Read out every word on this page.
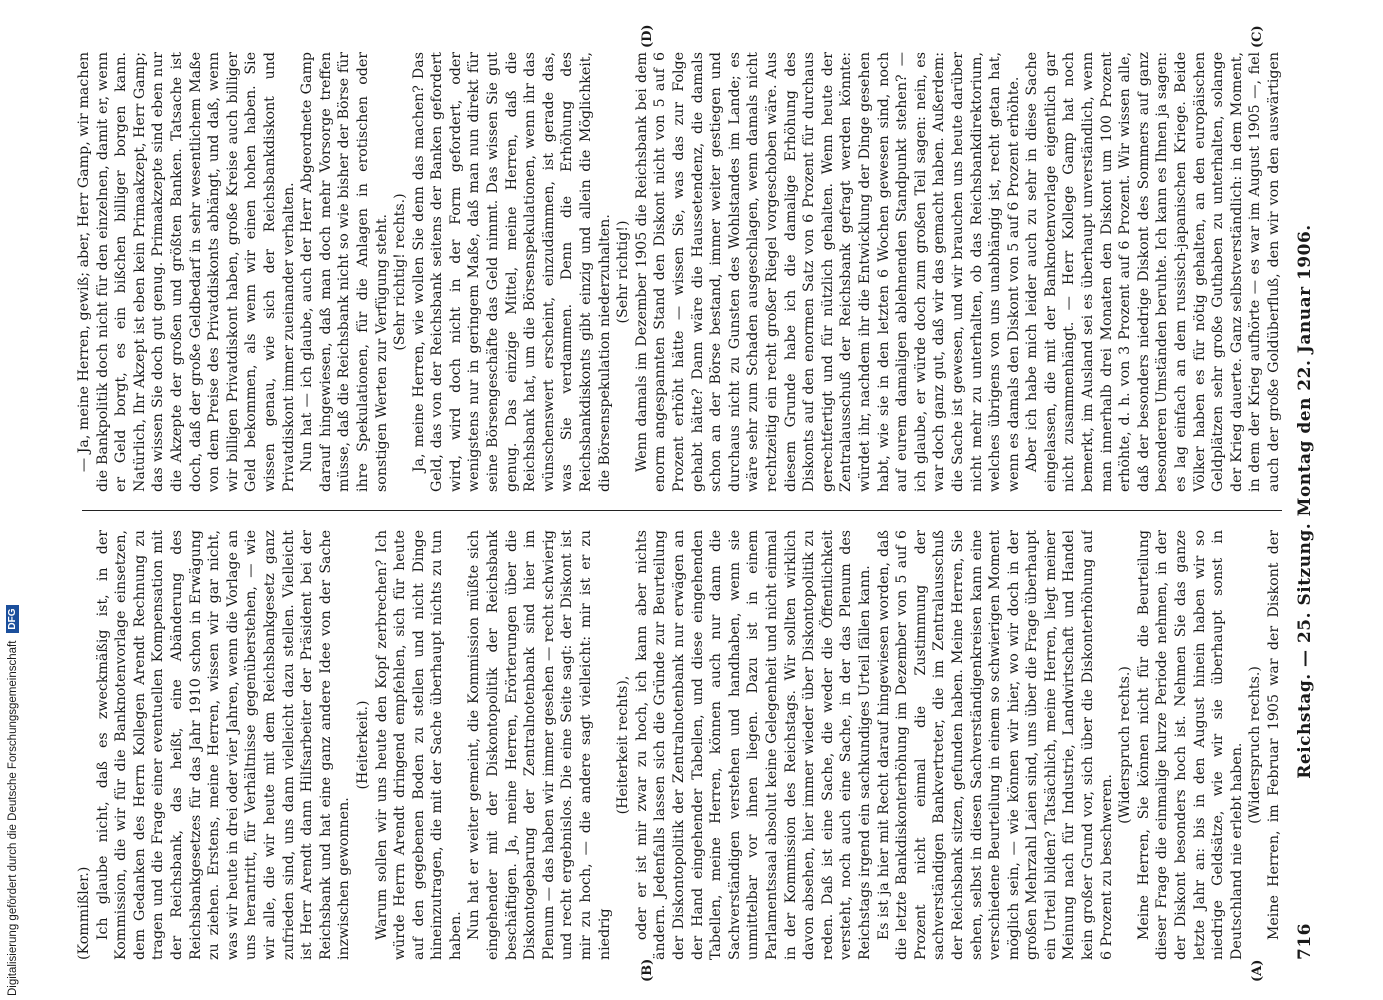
716
Reichstag. — 25. Sitzung. Montag den 22. Januar 1906.
(A)
(B)
(C)
(D)

(Kommißler.) Ich glaube nicht, daß es zweckmäßig ist, in der Kommission, die wir für die Banknotenvorlage einsetzen, dem Gedanken des Herrn Kollegen Arendt Rechnung zu tragen und die Frage einer eventuellen Kompensation mit der Reichsbank, das heißt, eine Abänderung des Reichsbankgesetzes für das Jahr 1910 schon in Erwägung zu ziehen. Erstens, meine Herren, wissen wir gar nicht, was wir heute in drei oder vier Jahren, wenn die Vorlage an uns herantritt, für Verhältnisse gegenüberstehen, — wie wir alle, die wir heute mit dem Reichsbankgesetz ganz zufrieden sind, uns dann vielleicht dazu stellen. Vielleicht ist Herr Arendt dann Hilfsarbeiter der Präsident bei der Reichsbank und hat eine ganz andere Idee von der Sache inzwischen gewonnen.

(Heiterkeit.) Warum sollen wir uns heute den Kopf zerbrechen? Ich würde Herrn Arendt dringend empfehlen, sich für heute auf den gegebenen Boden zu stellen und nicht Dinge hineinzutragen, die mit der Sache überhaupt nichts zu tun haben. Nun hat er weiter gemeint, die Kommission müßte sich eingehender mit der Diskontopolitik der Reichsbank beschäftigen. Ja, meine Herren, Erörterungen über die Diskontogebarung der Zentralnotenbank sind hier im Plenum — das haben wir immer gesehen — recht schwierig und recht ergebnislos. Die eine Seite sagt: der Diskont ist mir zu hoch, — die andere sagt vielleicht: mir ist er zu niedrig

(Heiterkeit rechts), oder er ist mir zwar zu hoch, ich kann aber nichts ändern. Jedenfalls lassen sich die Gründe zur Beurteilung der Diskontopolitik der Zentralnotenbank nur erwägen an der Hand eingehender Tabellen, und diese eingehenden Tabellen, meine Herren, können auch nur dann die Sachverständigen verstehen und handhaben, wenn sie unmittelbar vor ihnen liegen. Dazu ist in einem Parlamentssaal absolut keine Gelegenheit und nicht einmal in der Kommission des Reichstags. Wir sollten wirklich davon absehen, hier immer wieder über Diskontopolitik zu reden. Daß ist eine Sache, die weder die Öffentlichkeit versteht, noch auch eine Sache, in der das Plenum des Reichstags irgend ein sachkundiges Urteil fällen kann. Es ist ja hier mit Recht darauf hingewiesen worden, daß die letzte Bankdiskonterhöhung im Dezember von 5 auf 6 Prozent nicht einmal die Zustimmung der sachverständigen Bankvertreter, die im Zentralausschuß der Reichsbank sitzen, gefunden haben. Meine Herren, Sie sehen, selbst in diesen Sachverständigenkreisen kann eine verschiedene Beurteilung in einem so schwierigen Moment möglich sein, — wie können wir hier, wo wir doch in der großen Mehrzahl Laien sind, uns über die Frage überhaupt ein Urteil bilden? Tatsächlich, meine Herren, liegt meiner Meinung nach für Industrie, Landwirtschaft und Handel kein großer Grund vor, sich über die Diskonterhöhung auf 6 Prozent zu beschweren.

(Widerspruch rechts.) Meine Herren, Sie können nicht für die Beurteilung dieser Frage die einmalige kurze Periode nehmen, in der der Diskont besonders hoch ist. Nehmen Sie das ganze letzte Jahr an: bis in den August hinein haben wir so niedrige Geldsätze, wie wir sie überhaupt sonst in Deutschland nie erlebt haben. (Widerspruch rechts.)

Meine Herren, im Februar 1905 war der Diskont der

— Ja, meine Herren, gewiß; aber, Herr Gamp, wir machen die Bankpolitik doch nicht für den einzelnen, damit er, wenn er Geld borgt, es ein bißchen billiger borgen kann. Natürlich, Ihr Akzept ist eben kein Primaakzept, Herr Gamp; das wissen Sie doch gut genug. Primaakzepte sind eben nur die Akzepte der großen und größten Banken. Tatsache ist doch, daß der große Geldbedarf in sehr wesentlichem Maße von dem Preise des Privatdiskonts abhängt, und daß, wenn wir billigen Privatdiskont haben, große Kreise auch billiger Geld bekommen, als wenn wir einen hohen haben. Sie wissen genau, wie sich der Reichsbankdiskont und Privatdiskont immer zueinander verhalten. Nun hat — ich glaube, auch der Herr Abgeordnete Gamp darauf hingewiesen, daß man doch mehr Vorsorge treffen müsse, daß die Reichsbank nicht so wie bisher der Börse für ihre Spekulationen, für die Anlagen in erotischen oder sonstigen Werten zur Verfügung steht. (Sehr richtig! rechts.) Ja, meine Herren, wie wollen Sie denn das machen? Das Geld, das von der Reichsbank seitens der Banken gefordert wird, wird doch nicht in der Form gefordert, oder wenigstens nur in geringem Maße, daß man nun direkt für seine Börsengeschäfte das Geld nimmt. Das wissen Sie gut genug. Das einzige Mittel, meine Herren, daß die Reichsbank hat, um die Börsenspekulationen, wenn ihr das wünschenswert erscheint, einzudämmen, ist gerade das, was Sie verdammen. Denn die Erhöhung des Reichsbankdiskonts gibt einzig und allein die Möglichkeit, die Börsenspekulation niederzuhalten. (Sehr richtig!) Wenn damals im Dezember 1905 die Reichsbank bei dem enorm angespannten Stand den Diskont nicht von 5 auf 6 Prozent erhöht hätte — wissen Sie, was das zur Folge gehabt hätte? Dann wäre die Haussetendenz, die damals schon an der Börse bestand, immer weiter gestiegen und durchaus nicht zu Gunsten des Wohlstandes im Lande; es wäre sehr zum Schaden ausgeschlagen, wenn damals nicht rechtzeitig ein recht großer Riegel vorgeschoben wäre. Aus diesem Grunde habe ich die damalige Erhöhung des Diskonts auf den enormen Satz von 6 Prozent für durchaus gerechtfertigt und für nützlich gehalten. Wenn heute der Zentralausschuß der Reichsbank gefragt werden könnte: würdet ihr, nachdem ihr die Entwicklung der Dinge gesehen habt, wie sie in den letzten 6 Wochen gewesen sind, noch auf eurem damaligen ablehnenden Standpunkt stehen? — ich glaube, er würde doch zum großen Teil sagen: nein, es war doch ganz gut, daß wir das gemacht haben. Außerdem: die Sache ist gewesen, und wir brauchen uns heute darüber nicht mehr zu unterhalten, ob das Reichsbankdirektorium, welches übrigens von uns unabhängig ist, recht getan hat, wenn es damals den Diskont von 5 auf 6 Prozent erhöhte. Aber ich habe mich leider auch zu sehr in diese Sache eingelassen, die mit der Banknotenvorlage eigentlich gar nicht zusammenhängt. — Herr Kollege Gamp hat noch bemerkt, im Ausland sei es überhaupt unverständlich, wenn man innerhalb drei Monaten den Diskont um 100 Prozent erhöhte, d. h. von 3 Prozent auf 6 Prozent. Wir wissen alle, daß der besonders niedrige Diskont des Sommers auf ganz besonderen Umständen beruhte. Ich kann es Ihnen ja sagen: es lag einfach an dem russisch-japanischen Kriege. Beide Völker haben es für nötig gehalten, an den europäischen Geldplätzen sehr große Guthaben zu unterhalten, solange der Krieg dauerte. Ganz selbstverständlich: in dem Moment, in dem der Krieg aufhörte — es war im August 1905 —, fiel auch der große Goldüberfluß, den wir von den auswärtigen

Digitalisierung gefördert durch die Deutsche Forschungsgemeinschaft
DFG
